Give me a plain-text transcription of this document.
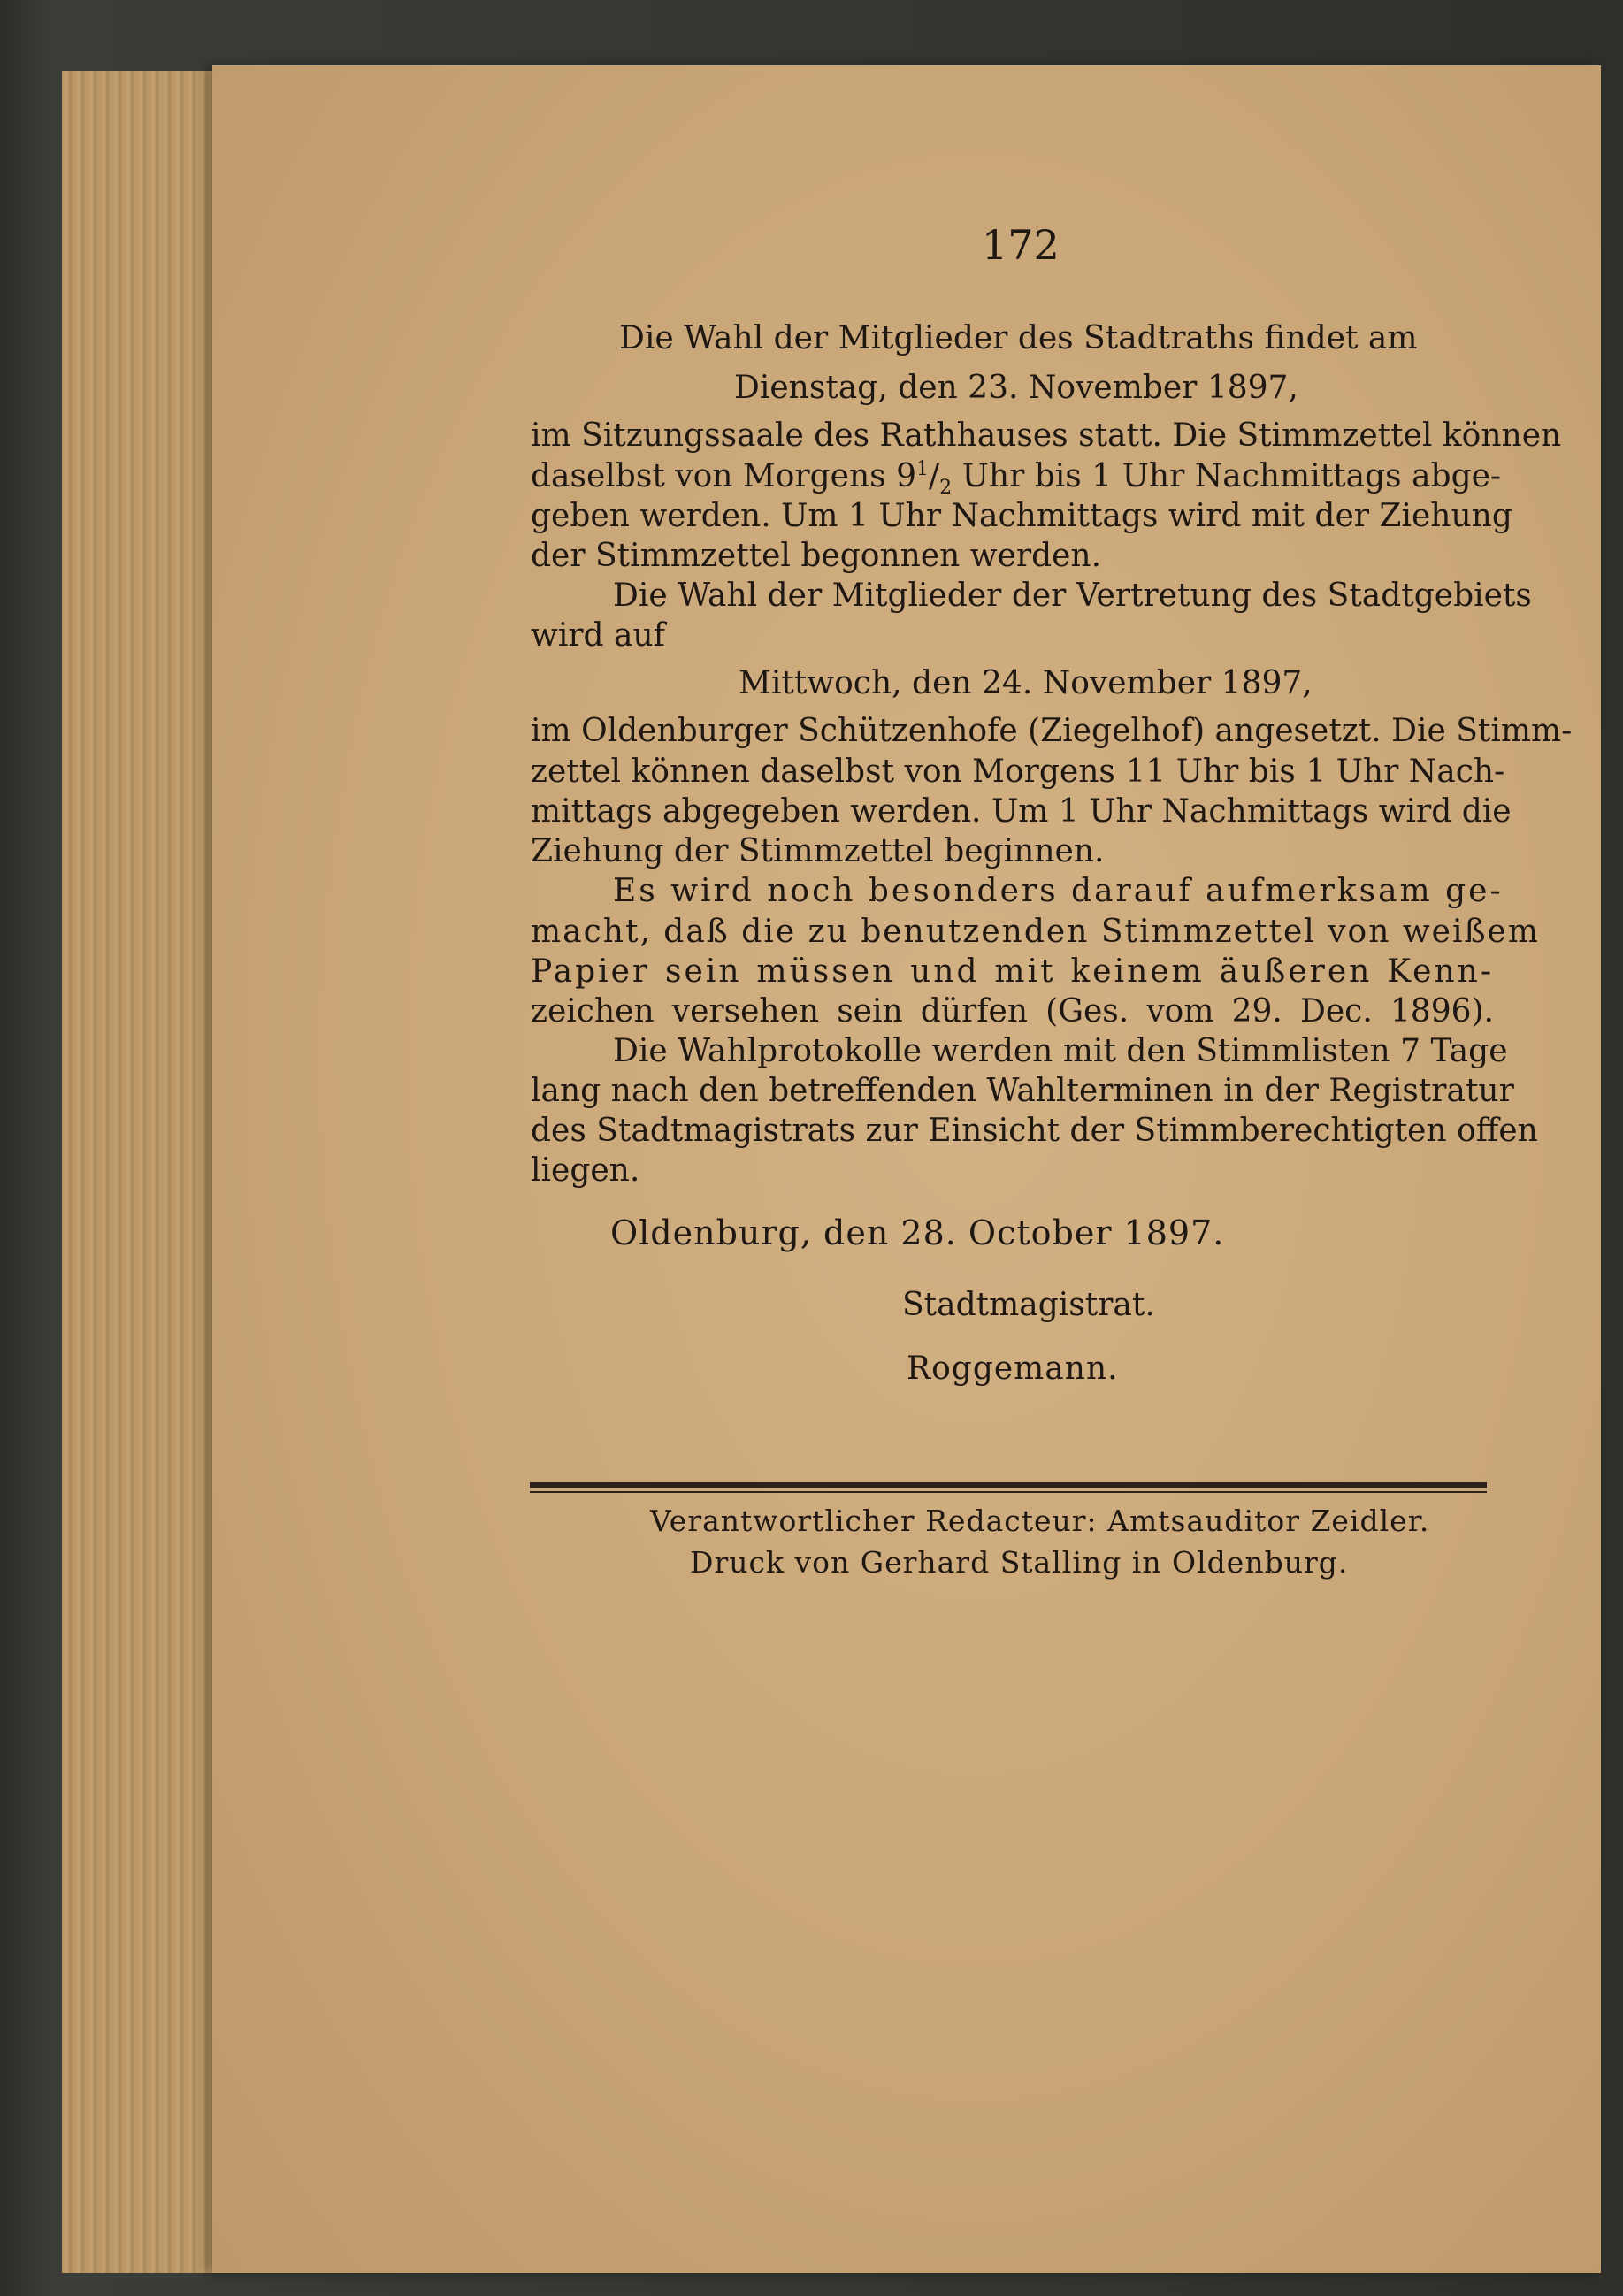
172
Die Wahl der Mitglieder des Stadtraths findet am
Dienstag, den 23. November 1897,
im Sitzungssaale des Rathhauses statt. Die Stimmzettel können
daselbst von Morgens $9^1/_2$ Uhr bis 1 Uhr Nachmittags abge-
geben werden. Um 1 Uhr Nachmittags wird mit der Ziehung
der Stimmzettel begonnen werden.
Die Wahl der Mitglieder der Vertretung des Stadtgebiets
wird auf
Mittwoch, den 24. November 1897,
im Oldenburger Schützenhofe (Ziegelhof) angesetzt. Die Stimm-
zettel können daselbst von Morgens 11 Uhr bis 1 Uhr Nach-
mittags abgegeben werden. Um 1 Uhr Nachmittags wird die
Ziehung der Stimmzettel beginnen.
Es wird noch besonders darauf aufmerksam ge-
macht, daß die zu benutzenden Stimmzettel von weißem
Papier sein müssen und mit keinem äußeren Kenn-
zeichen versehen sein dürfen (Ges. vom 29. Dec. 1896).
Die Wahlprotokolle werden mit den Stimmlisten 7 Tage
lang nach den betreffenden Wahlterminen in der Registratur
des Stadtmagistrats zur Einsicht der Stimmberechtigten offen
liegen.
Oldenburg, den 28. October 1897.
Stadtmagistrat.
Roggemann.
Verantwortlicher Redacteur: Amtsauditor Zeidler.
Druck von Gerhard Stalling in Oldenburg.
